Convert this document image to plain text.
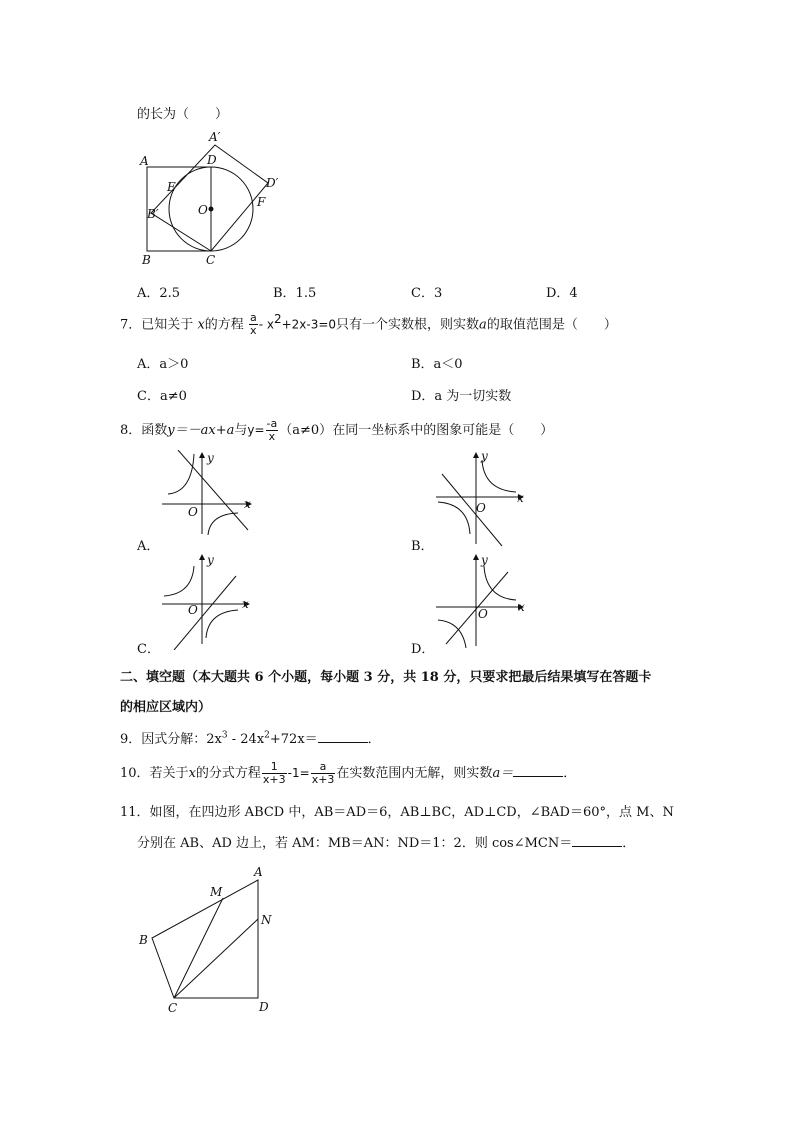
的长为（　　）
A
A′
D
D′
E
B′	O
F
B	C
A．2.5	B．1.5	C．3	D．4
7．已知关于 x的方程 $\frac{a}{x} - x^2+2x-3=0$只有一个实数根，则实数a的取值范围是（　　）
A．a＞0	B．a＜0
C．a≠0	D．a 为一切实数
8．函数y＝－ax+a与$y= \frac{-a}{x} (a\ne 0)$在同一坐标系中的图象可能是（　　）
x
y
O
A．
x
y
O
B．
x
y
O
C．
x
y
O
D．
二、填空题（本大题共 6 个小题，每小题 3 分，共 18 分，只要求把最后结果填写在答题卡
的相应区域内）
9．因式分解：$2x^3 - 24x^2+72x=$	．
10．若关于x的分式方程 $\frac{1}{x+3} -1= \frac{a}{x+3}$ 在实数范围内无解，则实数a＝	．
11．如图，在四边形 ABCD 中，AB＝AD＝6，AB⊥BC，AD⊥CD，∠BAD＝60°，点 M、N
分别在 AB、AD 边上，若 AM：MB＝AN：ND＝1：2．则 cos∠MCN＝	．
A
M
N
B
C	D
